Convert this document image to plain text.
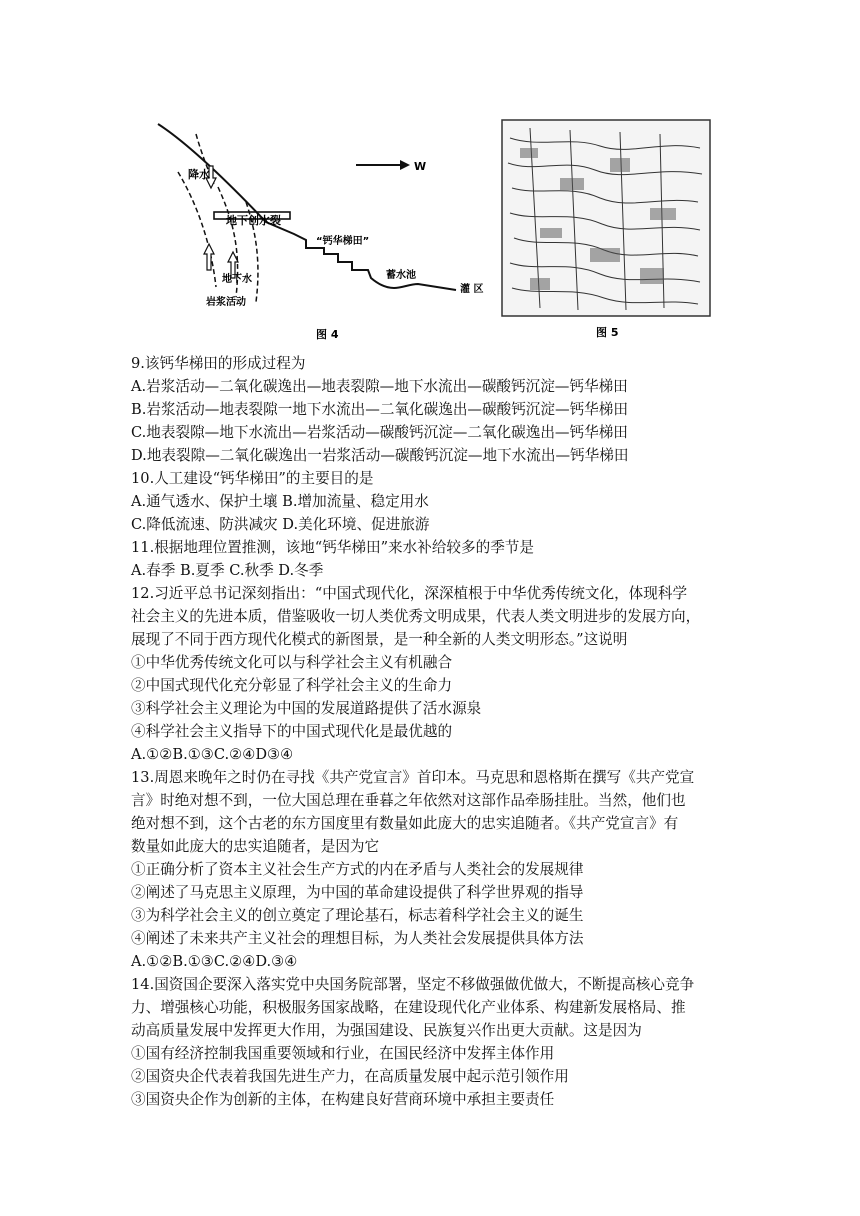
降水
地下创水裂
“钙华梯田”
地下水
岩浆活动
蓄水池
灌 区
W
图 4	图 5
9.该钙华梯田的形成过程为
A.岩浆活动—二氧化碳逸出—地表裂隙—地下水流出—碳酸钙沉淀—钙华梯田
B.岩浆活动—地表裂隙一地下水流出—二氧化碳逸出—碳酸钙沉淀—钙华梯田
C.地表裂隙—地下水流出—岩浆活动—碳酸钙沉淀—二氧化碳逸出—钙华梯田
D.地表裂隙—二氧化碳逸出一岩浆活动—碳酸钙沉淀—地下水流出—钙华梯田
10.人工建设“钙华梯田”的主要目的是
A.通气透水、保护土壤 B.增加流量、稳定用水
C.降低流速、防洪减灾 D.美化环境、促进旅游
11.根据地理位置推测，该地“钙华梯田”来水补给较多的季节是
A.春季 B.夏季 C.秋季 D.冬季
12.习近平总书记深刻指出：“中国式现代化，深深植根于中华优秀传统文化，体现科学
社会主义的先进本质，借鉴吸收一切人类优秀文明成果，代表人类文明进步的发展方向，
展现了不同于西方现代化模式的新图景，是一种全新的人类文明形态。”这说明
①中华优秀传统文化可以与科学社会主义有机融合
②中国式现代化充分彰显了科学社会主义的生命力
③科学社会主义理论为中国的发展道路提供了活水源泉
④科学社会主义指导下的中国式现代化是最优越的
A.①②B.①③C.②④D③④
13.周恩来晚年之时仍在寻找《共产党宣言》首印本。马克思和恩格斯在撰写《共产党宣
言》时绝对想不到，一位大国总理在垂暮之年依然对这部作品牵肠挂肚。当然，他们也
绝对想不到，这个古老的东方国度里有数量如此庞大的忠实追随者。《共产党宣言》有
数量如此庞大的忠实追随者，是因为它
①正确分析了资本主义社会生产方式的内在矛盾与人类社会的发展规律
②阐述了马克思主义原理，为中国的革命建设提供了科学世界观的指导
③为科学社会主义的创立奠定了理论基石，标志着科学社会主义的诞生
④阐述了未来共产主义社会的理想目标，为人类社会发展提供具体方法
A.①②B.①③C.②④D.③④
14.国资国企要深入落实党中央国务院部署，坚定不移做强做优做大，不断提高核心竞争
力、增强核心功能，积极服务国家战略，在建设现代化产业体系、构建新发展格局、推
动高质量发展中发挥更大作用，为强国建设、民族复兴作出更大贡献。这是因为
①国有经济控制我国重要领域和行业，在国民经济中发挥主体作用
②国资央企代表着我国先进生产力，在高质量发展中起示范引领作用
③国资央企作为创新的主体，在构建良好营商环境中承担主要责任
